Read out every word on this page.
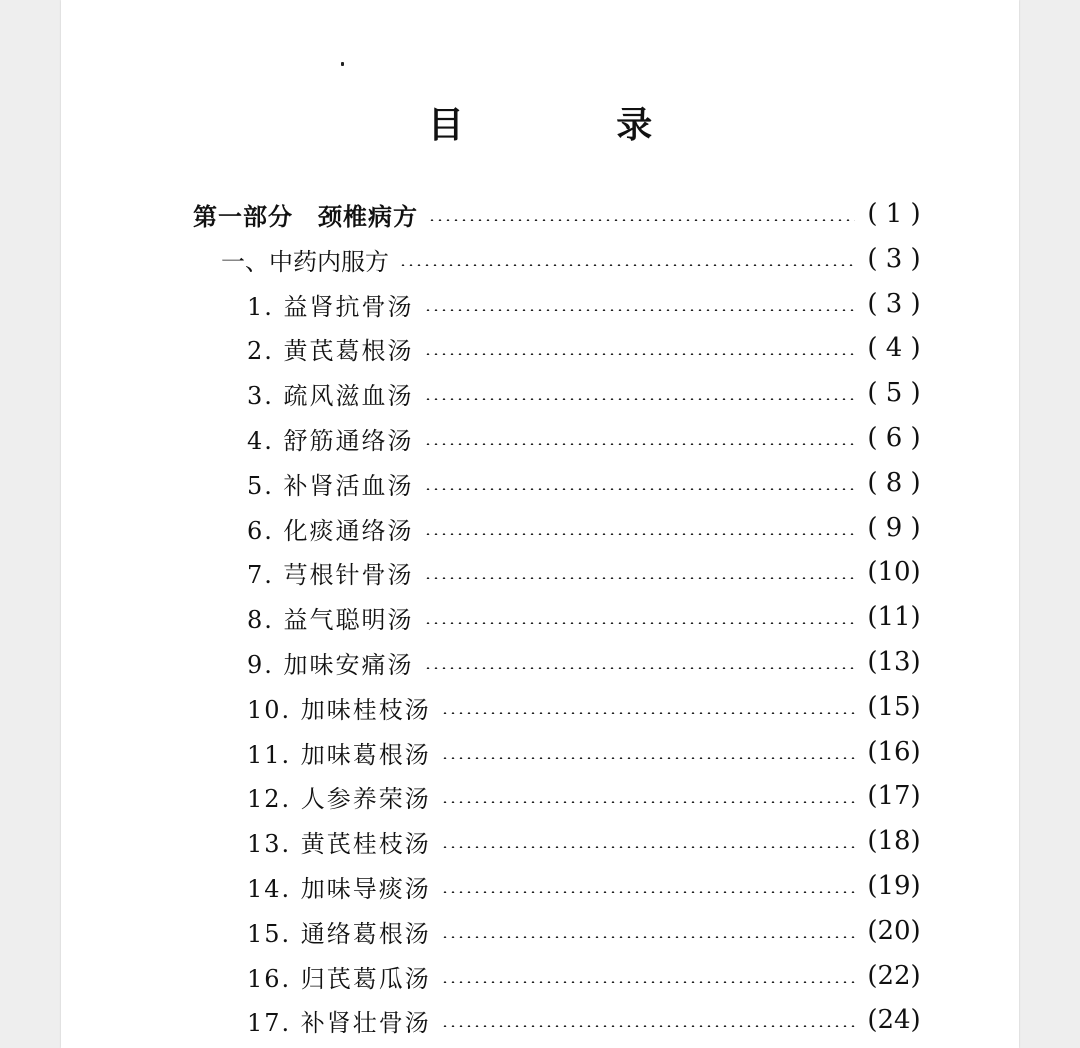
目 录
第一部分　颈椎病方	( 1 )
一、中药内服方	( 3 )
1. 益肾抗骨汤	( 3 )
2. 黄芪葛根汤	( 4 )
3. 疏风滋血汤	( 5 )
4. 舒筋通络汤	( 6 )
5. 补肾活血汤	( 8 )
6. 化痰通络汤	( 9 )
7. 芎根针骨汤	(10)
8. 益气聪明汤	(11)
9. 加味安痛汤	(13)
10. 加味桂枝汤	(15)
11. 加味葛根汤	(16)
12. 人参养荣汤	(17)
13. 黄芪桂枝汤	(18)
14. 加味导痰汤	(19)
15. 通络葛根汤	(20)
16. 归芪葛瓜汤	(22)
17. 补肾壮骨汤	(24)
